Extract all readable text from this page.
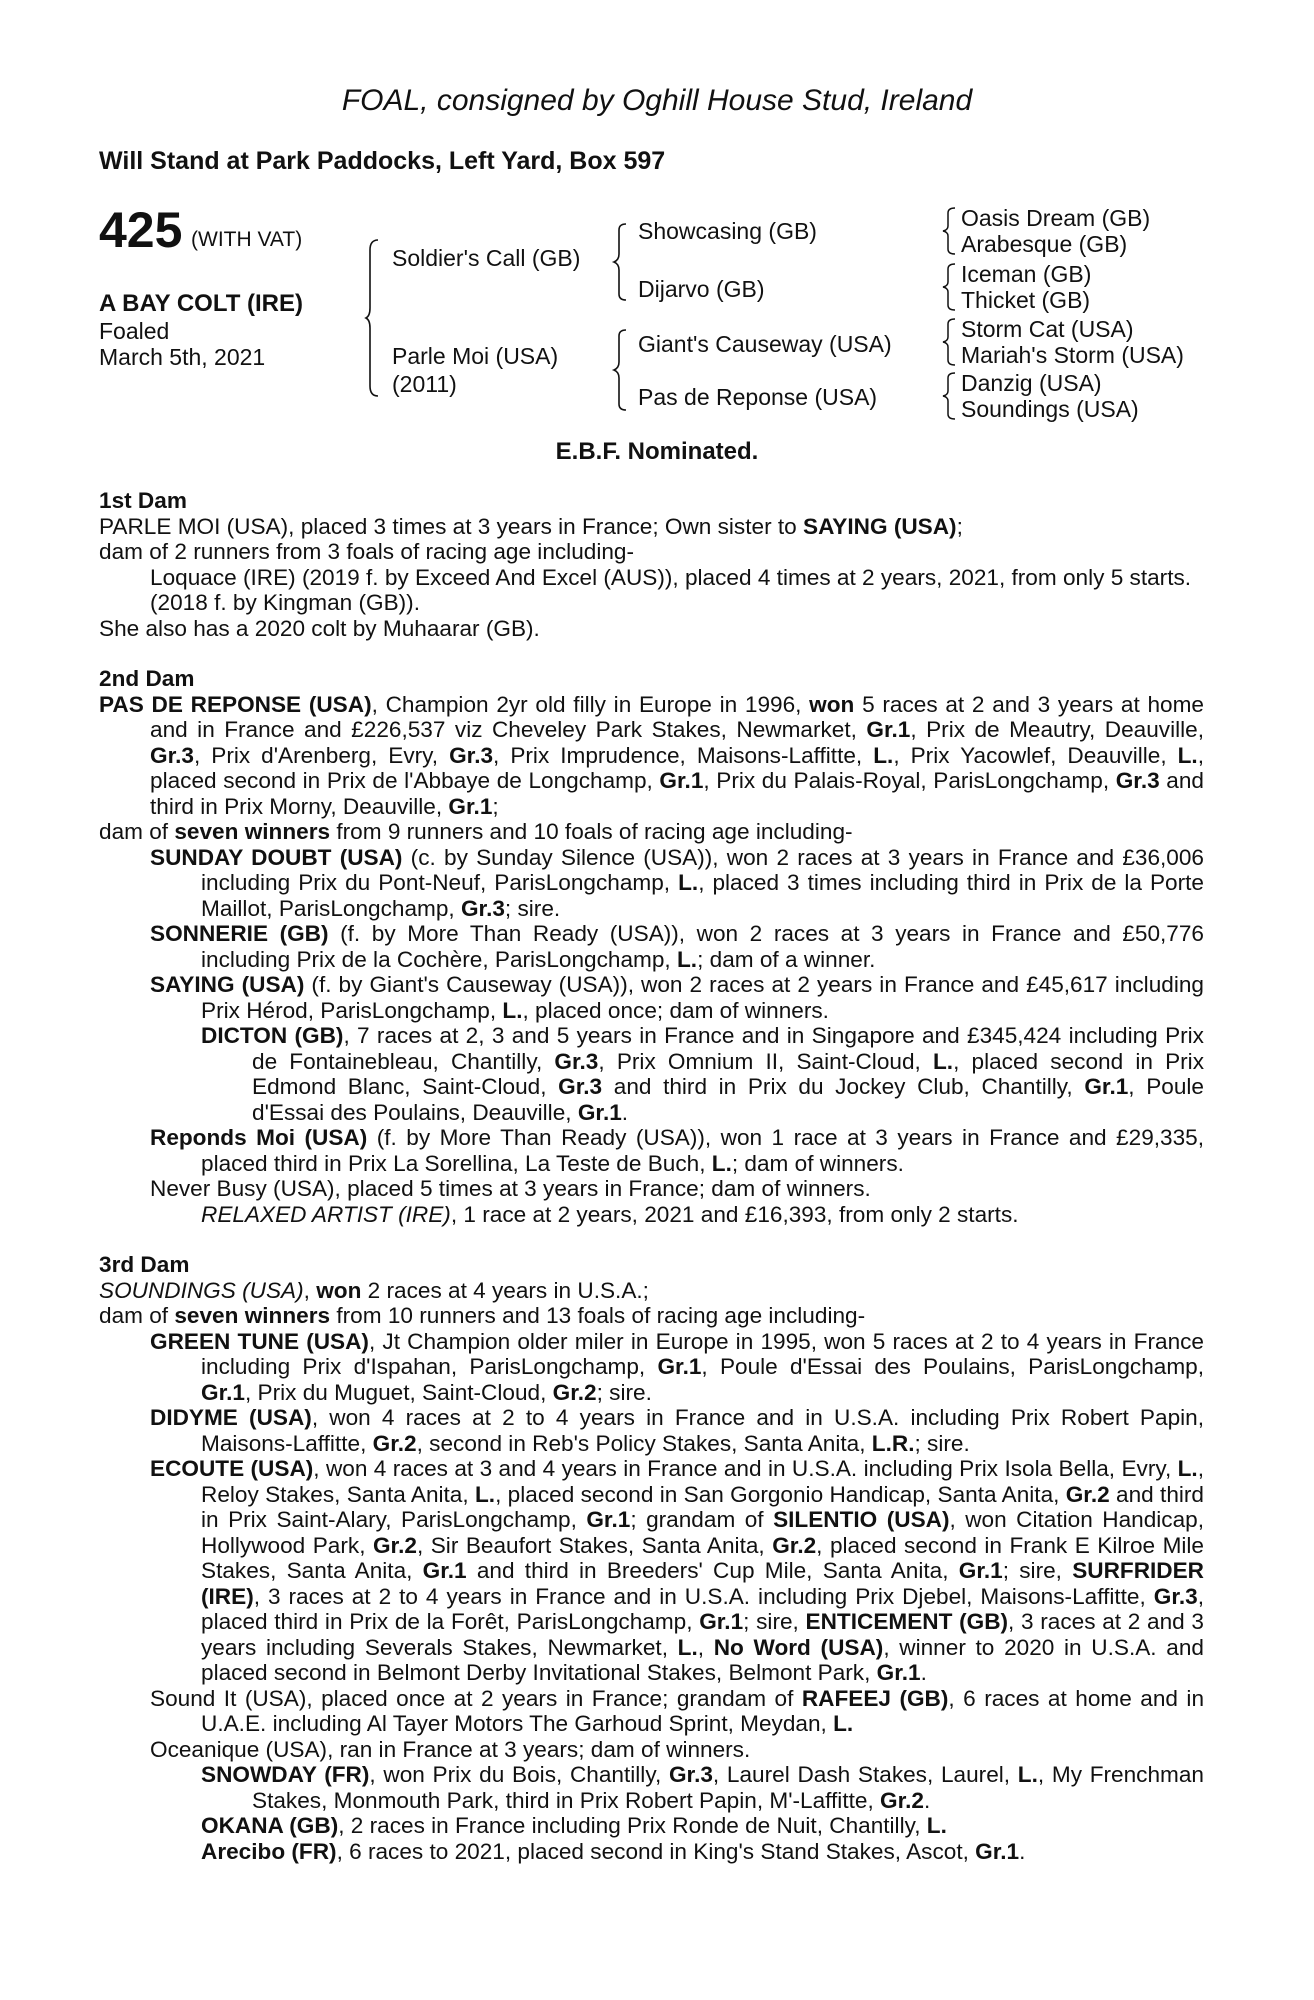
FOAL, consigned by Oghill House Stud, Ireland
Will Stand at Park Paddocks, Left Yard, Box 597
425 (WITH VAT)
A BAY COLT (IRE)
Foaled
March 5th, 2021
Soldier's Call (GB)
Parle Moi (USA)
(2011)
Showcasing (GB)
Dijarvo (GB)
Giant's Causeway (USA)
Pas de Reponse (USA)
Oasis Dream (GB)
Arabesque (GB)
Iceman (GB)
Thicket (GB)
Storm Cat (USA)
Mariah's Storm (USA)
Danzig (USA)
Soundings (USA)
E.B.F. Nominated.
1st Dam

PARLE MOI (USA), placed 3 times at 3 years in France; Own sister to SAYING (USA);

dam of 2 runners from 3 foals of racing age including-

Loquace (IRE) (2019 f. by Exceed And Excel (AUS)), placed 4 times at 2 years, 2021, from only 5 starts.

(2018 f. by Kingman (GB)).

She also has a 2020 colt by Muhaarar (GB).

2nd Dam

PAS DE REPONSE (USA), Champion 2yr old filly in Europe in 1996, won 5 races at 2 and 3 years at home and in France and £226,537 viz Cheveley Park Stakes, Newmarket, Gr.1, Prix de Meautry, Deauville, Gr.3, Prix d'Arenberg, Evry, Gr.3, Prix Imprudence, Maisons-Laffitte, L., Prix Yacowlef, Deauville, L., placed second in Prix de l'Abbaye de Longchamp, Gr.1, Prix du Palais-Royal, ParisLongchamp, Gr.3 and third in Prix Morny, Deauville, Gr.1;

dam of seven winners from 9 runners and 10 foals of racing age including-

SUNDAY DOUBT (USA) (c. by Sunday Silence (USA)), won 2 races at 3 years in France and £36,006 including Prix du Pont-Neuf, ParisLongchamp, L., placed 3 times including third in Prix de la Porte Maillot, ParisLongchamp, Gr.3; sire.

SONNERIE (GB) (f. by More Than Ready (USA)), won 2 races at 3 years in France and £50,776 including Prix de la Cochère, ParisLongchamp, L.; dam of a winner.

SAYING (USA) (f. by Giant's Causeway (USA)), won 2 races at 2 years in France and £45,617 including Prix Hérod, ParisLongchamp, L., placed once; dam of winners.

DICTON (GB), 7 races at 2, 3 and 5 years in France and in Singapore and £345,424 including Prix de Fontainebleau, Chantilly, Gr.3, Prix Omnium II, Saint-Cloud, L., placed second in Prix Edmond Blanc, Saint-Cloud, Gr.3 and third in Prix du Jockey Club, Chantilly, Gr.1, Poule d'Essai des Poulains, Deauville, Gr.1.

Reponds Moi (USA) (f. by More Than Ready (USA)), won 1 race at 3 years in France and £29,335, placed third in Prix La Sorellina, La Teste de Buch, L.; dam of winners.

Never Busy (USA), placed 5 times at 3 years in France; dam of winners.

RELAXED ARTIST (IRE), 1 race at 2 years, 2021 and £16,393, from only 2 starts.

3rd Dam

SOUNDINGS (USA), won 2 races at 4 years in U.S.A.;

dam of seven winners from 10 runners and 13 foals of racing age including-

GREEN TUNE (USA), Jt Champion older miler in Europe in 1995, won 5 races at 2 to 4 years in France including Prix d'Ispahan, ParisLongchamp, Gr.1, Poule d'Essai des Poulains, ParisLongchamp, Gr.1, Prix du Muguet, Saint-Cloud, Gr.2; sire.

DIDYME (USA), won 4 races at 2 to 4 years in France and in U.S.A. including Prix Robert Papin, Maisons-Laffitte, Gr.2, second in Reb's Policy Stakes, Santa Anita, L.R.; sire.

ECOUTE (USA), won 4 races at 3 and 4 years in France and in U.S.A. including Prix Isola Bella, Evry, L., Reloy Stakes, Santa Anita, L., placed second in San Gorgonio Handicap, Santa Anita, Gr.2 and third in Prix Saint-Alary, ParisLongchamp, Gr.1; grandam of SILENTIO (USA), won Citation Handicap, Hollywood Park, Gr.2, Sir Beaufort Stakes, Santa Anita, Gr.2, placed second in Frank E Kilroe Mile Stakes, Santa Anita, Gr.1 and third in Breeders' Cup Mile, Santa Anita, Gr.1; sire, SURFRIDER (IRE), 3 races at 2 to 4 years in France and in U.S.A. including Prix Djebel, Maisons-Laffitte, Gr.3, placed third in Prix de la Forêt, ParisLongchamp, Gr.1; sire, ENTICEMENT (GB), 3 races at 2 and 3 years including Severals Stakes, Newmarket, L., No Word (USA), winner to 2020 in U.S.A. and placed second in Belmont Derby Invitational Stakes, Belmont Park, Gr.1.

Sound It (USA), placed once at 2 years in France; grandam of RAFEEJ (GB), 6 races at home and in U.A.E. including Al Tayer Motors The Garhoud Sprint, Meydan, L.

Oceanique (USA), ran in France at 3 years; dam of winners.

SNOWDAY (FR), won Prix du Bois, Chantilly, Gr.3, Laurel Dash Stakes, Laurel, L., My Frenchman Stakes, Monmouth Park, third in Prix Robert Papin, M'-Laffitte, Gr.2.

OKANA (GB), 2 races in France including Prix Ronde de Nuit, Chantilly, L.

Arecibo (FR), 6 races to 2021, placed second in King's Stand Stakes, Ascot, Gr.1.
